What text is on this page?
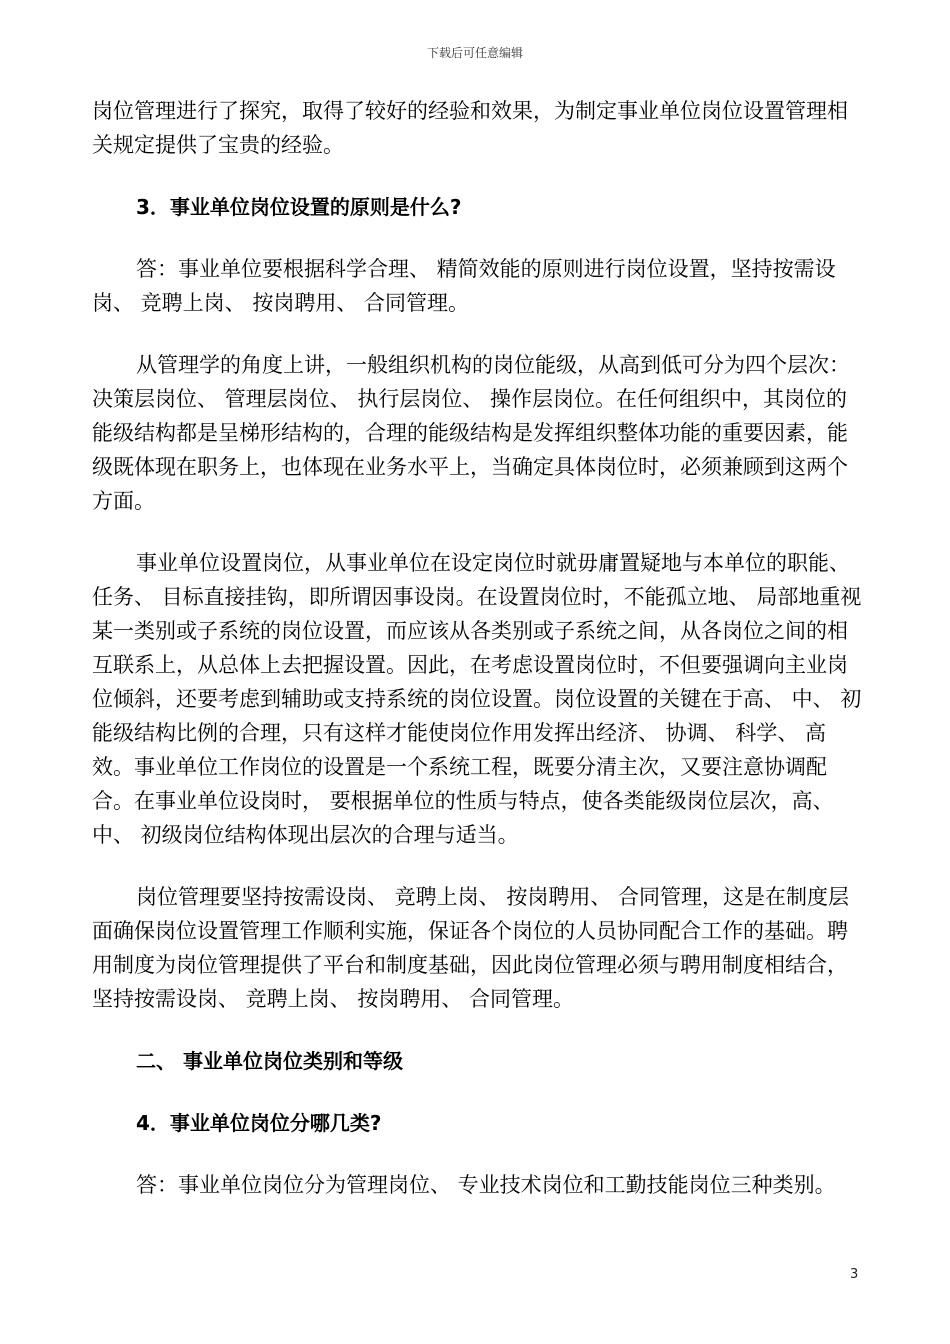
下载后可任意编辑

岗位管理进行了探究，取得了较好的经验和效果，为制定事业单位岗位设置管理相关规定提供了宝贵的经验。

3．事业单位岗位设置的原则是什么?

答：事业单位要根据科学合理、 精简效能的原则进行岗位设置，坚持按需设岗、 竞聘上岗、 按岗聘用、 合同管理。

从管理学的角度上讲，一般组织机构的岗位能级，从高到低可分为四个层次：决策层岗位、 管理层岗位、 执行层岗位、 操作层岗位。在任何组织中，其岗位的能级结构都是呈梯形结构的，合理的能级结构是发挥组织整体功能的重要因素，能级既体现在职务上，也体现在业务水平上，当确定具体岗位时，必须兼顾到这两个方面。

事业单位设置岗位，从事业单位在设定岗位时就毋庸置疑地与本单位的职能、 任务、 目标直接挂钩，即所谓因事设岗。在设置岗位时，不能孤立地、 局部地重视某一类别或子系统的岗位设置，而应该从各类别或子系统之间，从各岗位之间的相互联系上，从总体上去把握设置。因此，在考虑设置岗位时，不但要强调向主业岗位倾斜，还要考虑到辅助或支持系统的岗位设置。岗位设置的关键在于高、 中、 初能级结构比例的合理，只有这样才能使岗位作用发挥出经济、 协调、 科学、 高效。事业单位工作岗位的设置是一个系统工程，既要分清主次，又要注意协调配合。在事业单位设岗时， 要根据单位的性质与特点，使各类能级岗位层次，高、 中、 初级岗位结构体现出层次的合理与适当。

岗位管理要坚持按需设岗、 竞聘上岗、 按岗聘用、 合同管理，这是在制度层面确保岗位设置管理工作顺利实施，保证各个岗位的人员协同配合工作的基础。聘用制度为岗位管理提供了平台和制度基础，因此岗位管理必须与聘用制度相结合，坚持按需设岗、 竞聘上岗、 按岗聘用、 合同管理。

二、 事业单位岗位类别和等级

4．事业单位岗位分哪几类?

答：事业单位岗位分为管理岗位、 专业技术岗位和工勤技能岗位三种类别。

3
